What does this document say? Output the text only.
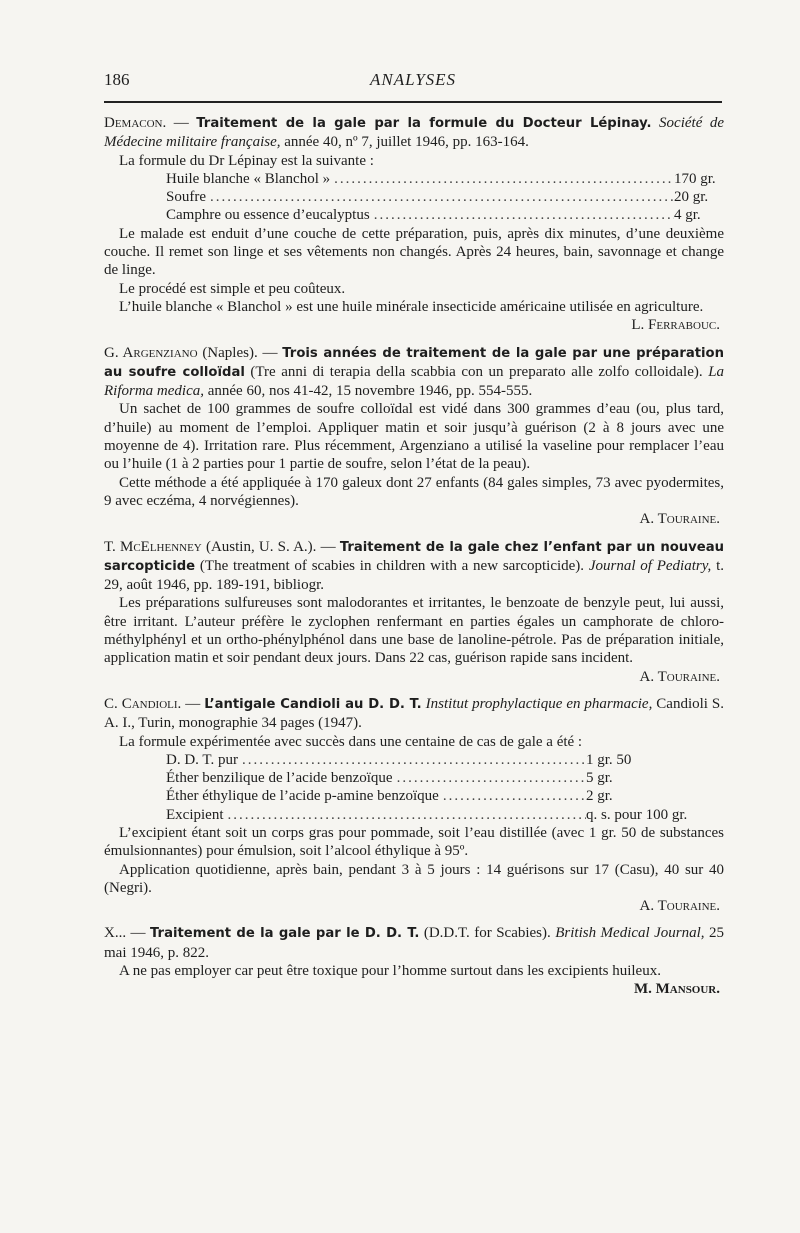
186	ANALYSES

Demacon. — Traitement de la gale par la formule du Docteur Lépinay. Société de Médecine militaire française, année 40, nº 7, juillet 1946, pp. 163-164.

La formule du Dr Lépinay est la suivante :

Huile blanche « Blanchol » .....	170 gr.
Soufre .....	20 gr.
Camphre ou essence d’eucalyptus .....	4 gr.

Le malade est enduit d’une couche de cette préparation, puis, après dix minutes, d’une deuxième couche. Il remet son linge et ses vêtements non changés. Après 24 heures, bain, savonnage et change de linge.

Le procédé est simple et peu coûteux.

L’huile blanche « Blanchol » est une huile minérale insecticide américaine utilisée en agriculture.

L. Ferrabouc.

G. Argenziano (Naples). — Trois années de traitement de la gale par une préparation au soufre colloïdal (Tre anni di terapia della scabbia con un preparato alle zolfo colloidale). La Riforma medica, année 60, nos 41-42, 15 novembre 1946, pp. 554-555.

Un sachet de 100 grammes de soufre colloïdal est vidé dans 300 grammes d’eau (ou, plus tard, d’huile) au moment de l’emploi. Appliquer matin et soir jusqu’à guérison (2 à 8 jours avec une moyenne de 4). Irritation rare. Plus récemment, Argenziano a utilisé la vaseline pour remplacer l’eau ou l’huile (1 à 2 parties pour 1 partie de soufre, selon l’état de la peau).

Cette méthode a été appliquée à 170 galeux dont 27 enfants (84 gales simples, 73 avec pyodermites, 9 avec eczéma, 4 norvégiennes).

A. Touraine.

T. McElhenney (Austin, U. S. A.). — Traitement de la gale chez l’enfant par un nouveau sarcopticide (The treatment of scabies in children with a new sarcopticide). Journal of Pediatry, t. 29, août 1946, pp. 189-191, bibliogr.

Les préparations sulfureuses sont malodorantes et irritantes, le benzoate de benzyle peut, lui aussi, être irritant. L’auteur préfère le zyclophen renfermant en parties égales un camphorate de chloro-méthylphényl et un ortho-phénylphénol dans une base de lanoline-pétrole. Pas de préparation initiale, application matin et soir pendant deux jours. Dans 22 cas, guérison rapide sans incident.

A. Touraine.

C. Candioli. — L’antigale Candioli au D. D. T. Institut prophylactique en pharmacie, Candioli S. A. I., Turin, monographie 34 pages (1947).

La formule expérimentée avec succès dans une centaine de cas de gale a été :

D. D. T. pur .....	1 gr. 50
Éther benzilique de l’acide benzoïque .....	5 gr.
Éther éthylique de l’acide p-amine benzoïque .....	2 gr.
Excipient .....	q. s. pour 100 gr.

L’excipient étant soit un corps gras pour pommade, soit l’eau distillée (avec 1 gr. 50 de substances émulsionnantes) pour émulsion, soit l’alcool éthylique à 95º.

Application quotidienne, après bain, pendant 3 à 5 jours : 14 guérisons sur 17 (Casu), 40 sur 40 (Negri).

A. Touraine.

X... — Traitement de la gale par le D. D. T. (D.D.T. for Scabies). British Medical Journal, 25 mai 1946, p. 822.

A ne pas employer car peut être toxique pour l’homme surtout dans les excipients huileux.

M. Mansour.
